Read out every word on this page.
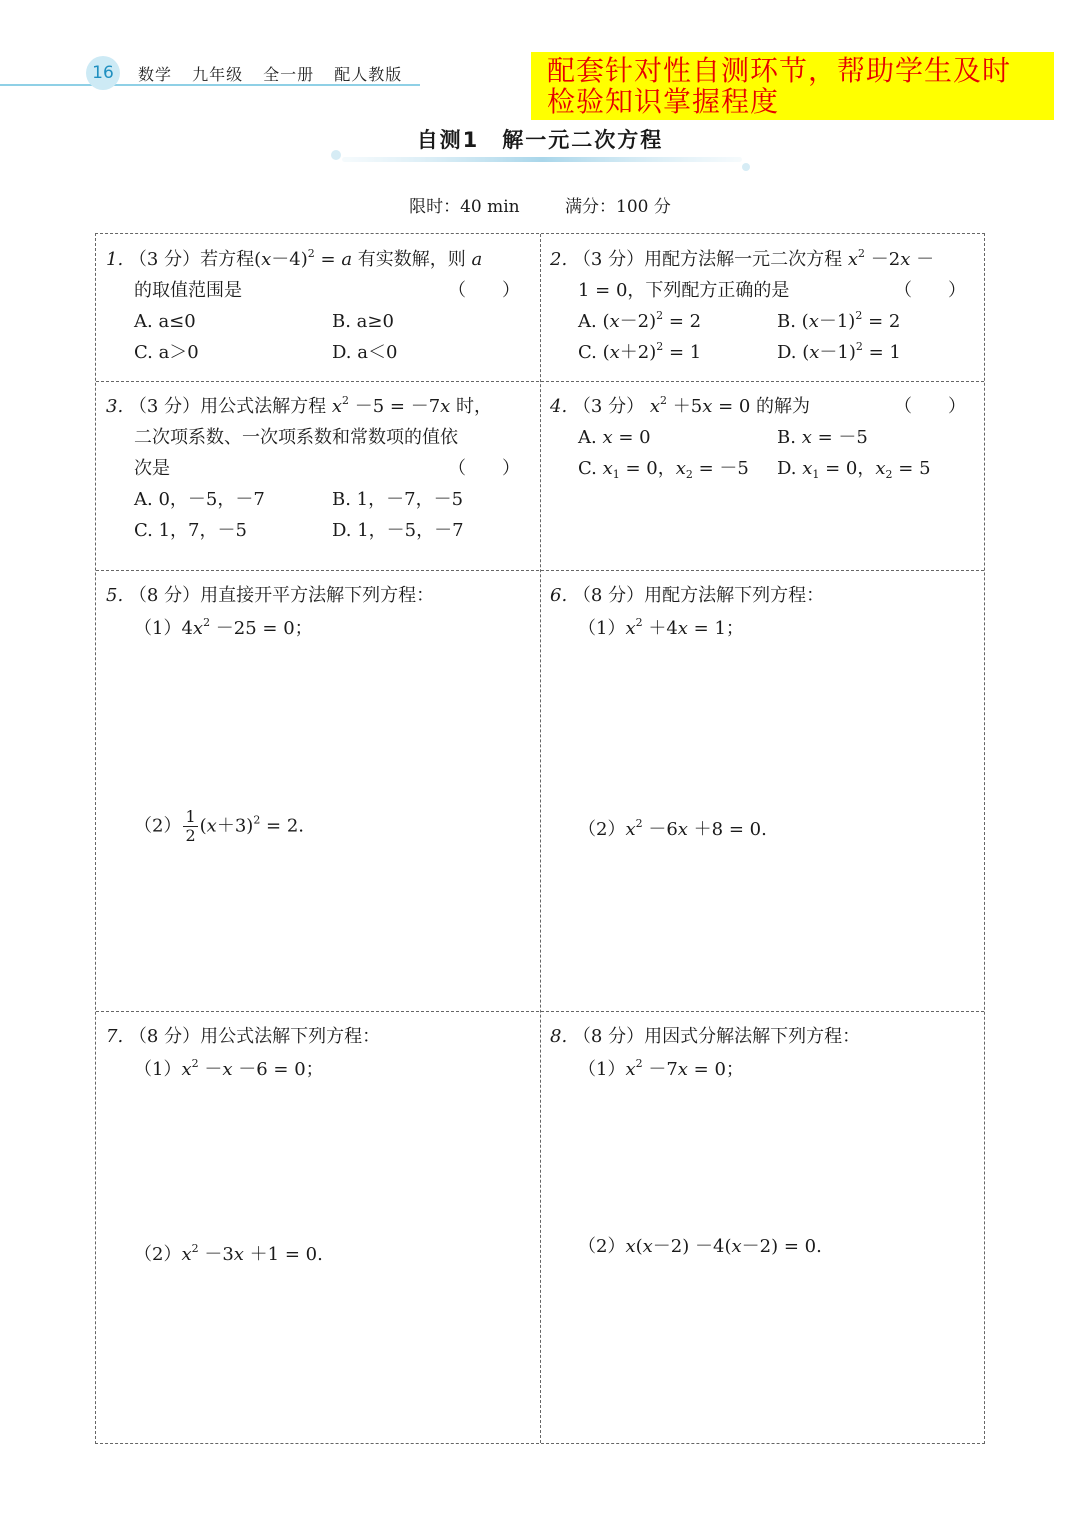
16	数学 九年级 全一册 配人教版	配套针对性自测环节，帮助学生及时
检验知识掌握程度
自测1　解一元二次方程
限时：40 min	满分：100 分
1. （3 分）若方程$(x-4)^2 = a$ 有实数解，则 a
的取值范围是	（　　）
A. a≤0	B. a≥0
C. a＞0	D. a＜0
2. （3 分）用配方法解一元二次方程 $x^2 -2x$ －
1 = 0，下列配方正确的是	（　　）
A. $(x-2)^2 = 2$	B. $(x-1)^2 = 2$
C. $(x+2)^2 = 1$	D. $(x-1)^2 = 1$
3. （3 分）用公式法解方程 $x^2 -5 = -7x$ 时，
二次项系数、一次项系数和常数项的值依
次是	（　　）
A. 0，－5，－7	B. 1，－7，－5
C. 1，7，－5	D. 1，－5，－7
4. （3 分） $x^2 +5x = 0$ 的解为	（　　）
A. x = 0	B. x = －5
C. $x_1 = 0$，$x_2 = -5$	D. $x_1 = 0$，$x_2 = 5$
5. （8 分）用直接开平方法解下列方程：
$(1)4x^2 -25 = 0$；
$(2) \frac{1}{2} (x+3)^2 = 2$.
6. （8 分）用配方法解下列方程：
$(1)x^2 +4x = 1$；
$(2)x^2 -6x +8 = 0$.
7. （8 分）用公式法解下列方程：
$(1)x^2 -x -6 = 0$；
$(2)x^2 -3x +1 = 0$.
8. （8 分）用因式分解法解下列方程：
$(1)x^2 -7x = 0$；
（2）x(x－2) －4(x－2) = 0.
